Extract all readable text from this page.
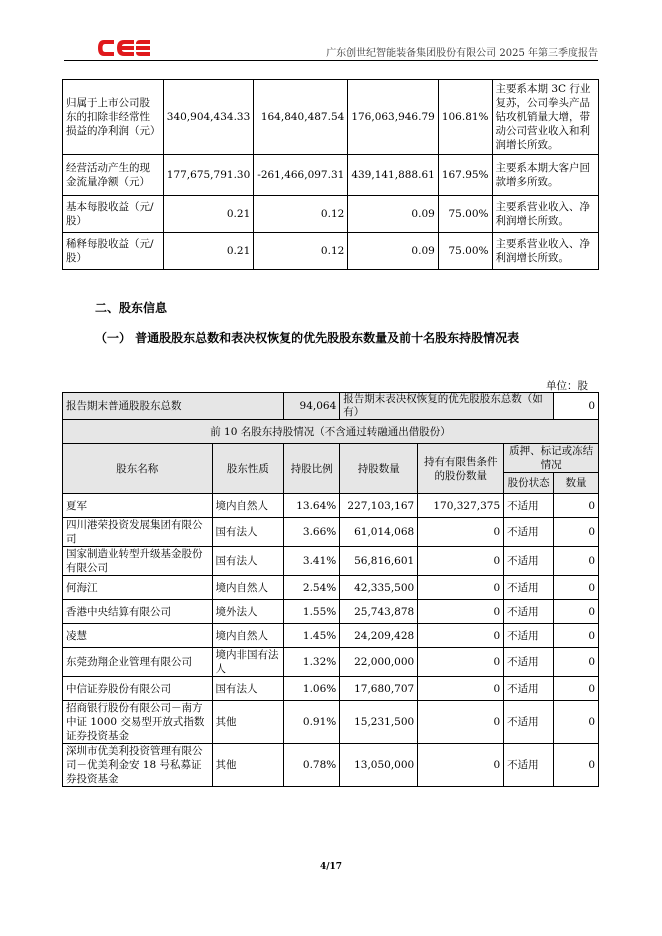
广东创世纪智能装备集团股份有限公司 2025 年第三季度报告
归属于上市公司股东的扣除非经常性损益的净利润（元）	340,904,434.33	164,840,487.54	176,063,946.79	106.81%	主要系本期 3C 行业复苏，公司拳头产品钻攻机销量大增，带动公司营业收入和利润增长所致。
经营活动产生的现金流量净额（元）	177,675,791.30	-261,466,097.31	439,141,888.61	167.95%	主要系本期大客户回款增多所致。
基本每股收益（元/股）	0.21	0.12	0.09	75.00%	主要系营业收入、净利润增长所致。
稀释每股收益（元/股）	0.21	0.12	0.09	75.00%	主要系营业收入、净利润增长所致。
二、股东信息
（一） 普通股股东总数和表决权恢复的优先股股东数量及前十名股东持股情况表
单位：股
报告期末普通股股东总数		94,064	报告期末表决权恢复的优先股股东总数（如有）			0
前 10 名股东持股情况（不含通过转融通出借股份）						
股东名称	股东性质	持股比例	持股数量	持有有限售条件的股份数量	质押、标记或冻结情况	
					股份状态	数量
夏军	境内自然人	13.64%	227,103,167	170,327,375	不适用	0
四川港荣投资发展集团有限公司	国有法人	3.66%	61,014,068	0	不适用	0
国家制造业转型升级基金股份有限公司	国有法人	3.41%	56,816,601	0	不适用	0
何海江	境内自然人	2.54%	42,335,500	0	不适用	0
香港中央结算有限公司	境外法人	1.55%	25,743,878	0	不适用	0
凌慧	境内自然人	1.45%	24,209,428	0	不适用	0
东莞劲翔企业管理有限公司	境内非国有法人	1.32%	22,000,000	0	不适用	0
中信证券股份有限公司	国有法人	1.06%	17,680,707	0	不适用	0
招商银行股份有限公司－南方中证 1000 交易型开放式指数证券投资基金	其他	0.91%	15,231,500	0	不适用	0
深圳市优美利投资管理有限公司－优美利金安 18 号私募证券投资基金	其他	0.78%	13,050,000	0	不适用	0
4/17
